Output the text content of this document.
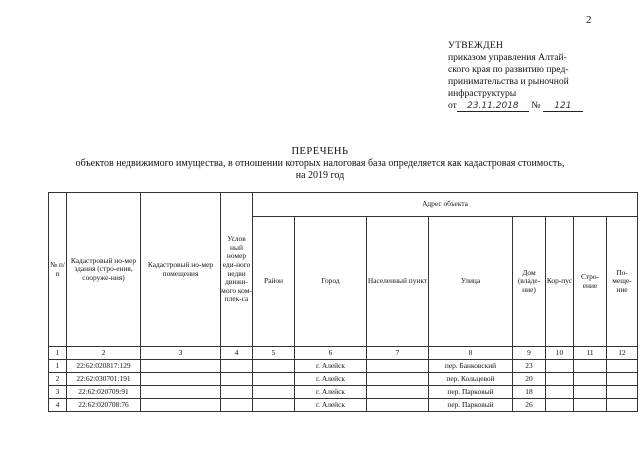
2
УТВЕЖДЕН
приказом управления Алтай-
ского края по развитию пред-
принимательства и рыночной
инфраструктуры
от 23.11.2018 № 121
ПЕРЕЧЕНЬ
объектов недвижимого имущества, в отношении которых налоговая база определяется как кадастровая стоимость,
на 2019 год
№ п/п	Кадастровый но-мер здания (стро-ения, сооруже-ния)	Кадастровый но-мер помещения	Услов ный номер еди-ного недви движи-мого ком-плек-са	Адрес объекта							
				Район	Город	Населенный пункт	Улица	Дом (владе-ние)	Кор-пус	Стро-ение	По-меще-ние
1	2	3	4	5	6	7	8	9	10	11	12
1	22:62:020817:129				г. Алейск		пер. Банковский	23			
2	22:62:030701:191				г. Алейск		пер. Кольцевой	20			
3	22:62:020709:91				г. Алейск		пер. Парковый	18			
4	22:62:020708:76				г. Алейск		пер. Парковый	26			
